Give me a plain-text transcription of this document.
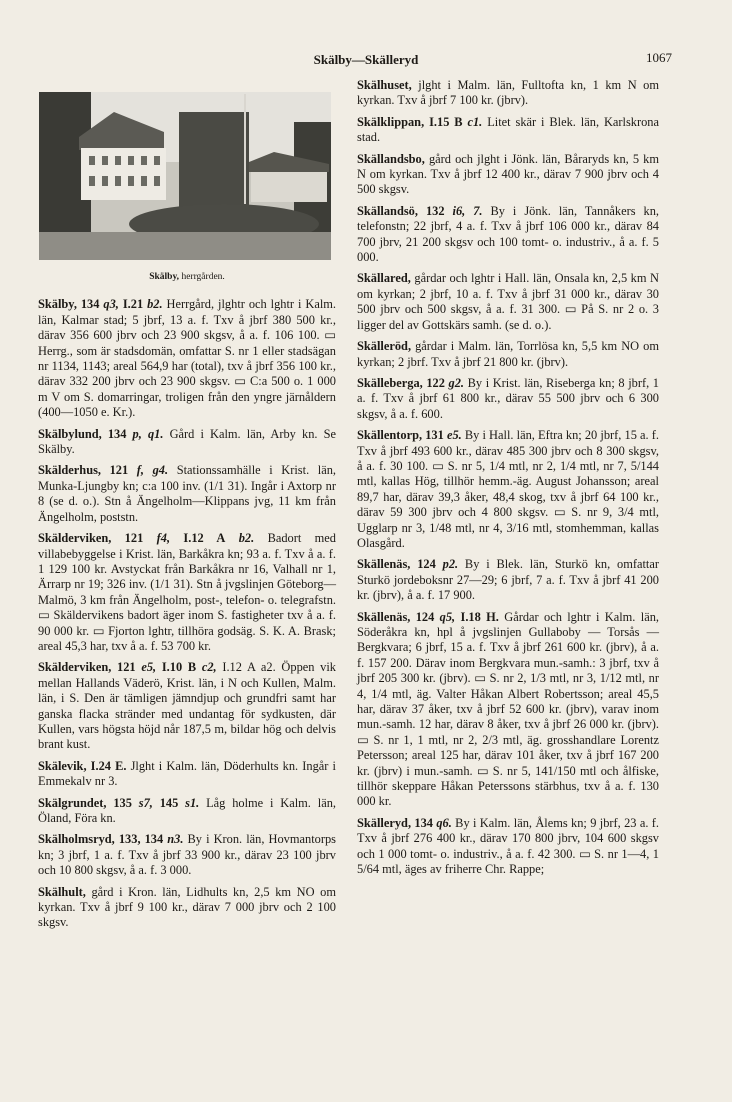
Skälby—Skälleryd	1067
Skälby, herrgården.
Skälby, 134 q3, I.21 b2. Herrgård, jlghtr och lghtr i Kalm. län, Kalmar stad; 5 jbrf, 13 a. f. Txv å jbrf 380 500 kr., därav 356 600 jbrv och 23 900 skgsv, å a. f. 106 100. ▭ Herrg., som är stadsdomän, omfattar S. nr 1 eller stadsägan nr 1134, 1143; areal 564,9 har (total), txv å jbrf 356 100 kr., därav 332 200 jbrv och 23 900 skgsv. ▭ C:a 500 o. 1 000 m V om S. domarringar, troligen från den yngre järnåldern (400—1050 e. Kr.).
Skälbylund, 134 p, q1. Gård i Kalm. län, Arby kn. Se Skälby.
Skälderhus, 121 f, g4. Stationssamhälle i Krist. län, Munka-Ljungby kn; c:a 100 inv. (1/1 31). Ingår i Axtorp nr 8 (se d. o.). Stn å Ängelholm—Klippans jvg, 11 km från Ängelholm, poststn.
Skälderviken, 121 f4, I.12 A b2. Badort med villabebyggelse i Krist. län, Barkåkra kn; 93 a. f. Txv å a. f. 1 129 100 kr. Avstyckat från Barkåkra nr 16, Valhall nr 1, Ärrarp nr 19; 326 inv. (1/1 31). Stn å jvgslinjen Göteborg—Malmö, 3 km från Ängelholm, post-, telefon- o. telegrafstn. ▭ Skäldervikens badort äger inom S. fastigheter txv å a. f. 90 000 kr. ▭ Fjorton lghtr, tillhöra godsäg. S. K. A. Brask; areal 45,3 har, txv å a. f. 53 700 kr.
Skälderviken, 121 e5, I.10 B c2, I.12 A a2. Öppen vik mellan Hallands Väderö, Krist. län, i N och Kullen, Malm. län, i S. Den är tämligen jämndjup och grundfri samt har ganska flacka stränder med undantag för sydkusten, där Kullen, vars högsta höjd når 187,5 m, bildar hög och delvis brant kust.
Skälevik, I.24 E. Jlght i Kalm. län, Döderhults kn. Ingår i Emmekalv nr 3.
Skälgrundet, 135 s7, 145 s1. Låg holme i Kalm. län, Öland, Föra kn.
Skälholmsryd, 133, 134 n3. By i Kron. län, Hovmantorps kn; 3 jbrf, 1 a. f. Txv å jbrf 33 900 kr., därav 23 100 jbrv och 10 800 skgsv, å a. f. 3 000.
Skälhult, gård i Kron. län, Lidhults kn, 2,5 km NO om kyrkan. Txv å jbrf 9 100 kr., därav 7 000 jbrv och 2 100 skgsv.
Skälhuset, jlght i Malm. län, Fulltofta kn, 1 km N om kyrkan. Txv å jbrf 7 100 kr. (jbrv).
Skälklippan, I.15 B c1. Litet skär i Blek. län, Karlskrona stad.
Skällandsbo, gård och jlght i Jönk. län, Båraryds kn, 5 km N om kyrkan. Txv å jbrf 12 400 kr., därav 7 900 jbrv och 4 500 skgsv.
Skällandsö, 132 i6, 7. By i Jönk. län, Tannåkers kn, telefonstn; 22 jbrf, 4 a. f. Txv å jbrf 106 000 kr., därav 84 700 jbrv, 21 200 skgsv och 100 tomt- o. industriv., å a. f. 5 000.
Skällared, gårdar och lghtr i Hall. län, Onsala kn, 2,5 km N om kyrkan; 2 jbrf, 10 a. f. Txv å jbrf 31 000 kr., därav 30 500 jbrv och 500 skgsv, å a. f. 31 300. ▭ På S. nr 2 o. 3 ligger del av Gottskärs samh. (se d. o.).
Skälleröd, gårdar i Malm. län, Torrlösa kn, 5,5 km NO om kyrkan; 2 jbrf. Txv å jbrf 21 800 kr. (jbrv).
Skälleberga, 122 g2. By i Krist. län, Riseberga kn; 8 jbrf, 1 a. f. Txv å jbrf 61 800 kr., därav 55 500 jbrv och 6 300 skgsv, å a. f. 600.
Skällentorp, 131 e5. By i Hall. län, Eftra kn; 20 jbrf, 15 a. f. Txv å jbrf 493 600 kr., därav 485 300 jbrv och 8 300 skgsv, å a. f. 30 100. ▭ S. nr 5, 1/4 mtl, nr 2, 1/4 mtl, nr 7, 5/144 mtl, kallas Hög, tillhör hemm.-äg. August Johansson; areal 89,7 har, därav 39,3 åker, 48,4 skog, txv å jbrf 64 100 kr., därav 59 300 jbrv och 4 800 skgsv. ▭ S. nr 9, 3/4 mtl, Ugglarp nr 3, 1/48 mtl, nr 4, 3/16 mtl, stomhemman, kallas Olasgård.
Skällenäs, 124 p2. By i Blek. län, Sturkö kn, omfattar Sturkö jordeboksnr 27—29; 6 jbrf, 7 a. f. Txv å jbrf 41 200 kr. (jbrv), å a. f. 17 900.
Skällenäs, 124 q5, I.18 H. Gårdar och lghtr i Kalm. län, Söderåkra kn, hpl å jvgslinjen Gullaboby — Torsås — Bergkvara; 6 jbrf, 15 a. f. Txv å jbrf 261 600 kr. (jbrv), å a. f. 157 200. Därav inom Bergkvara mun.-samh.: 3 jbrf, txv å jbrf 205 300 kr. (jbrv). ▭ S. nr 2, 1/3 mtl, nr 3, 1/12 mtl, nr 4, 1/4 mtl, äg. Valter Håkan Albert Robertsson; areal 45,5 har, därav 37 åker, txv å jbrf 52 600 kr. (jbrv), varav inom mun.-samh. 12 har, därav 8 åker, txv å jbrf 26 000 kr. (jbrv). ▭ S. nr 1, 1 mtl, nr 2, 2/3 mtl, äg. grosshandlare Lorentz Petersson; areal 125 har, därav 101 åker, txv å jbrf 167 200 kr. (jbrv) i mun.-samh. ▭ S. nr 5, 141/150 mtl och ålfiske, tillhör skeppare Håkan Peterssons stärbhus, txv å a. f. 130 000 kr.
Skälleryd, 134 q6. By i Kalm. län, Ålems kn; 9 jbrf, 23 a. f. Txv å jbrf 276 400 kr., därav 170 800 jbrv, 104 600 skgsv och 1 000 tomt- o. industriv., å a. f. 42 300. ▭ S. nr 1—4, 1 5/64 mtl, äges av friherre Chr. Rappe;
